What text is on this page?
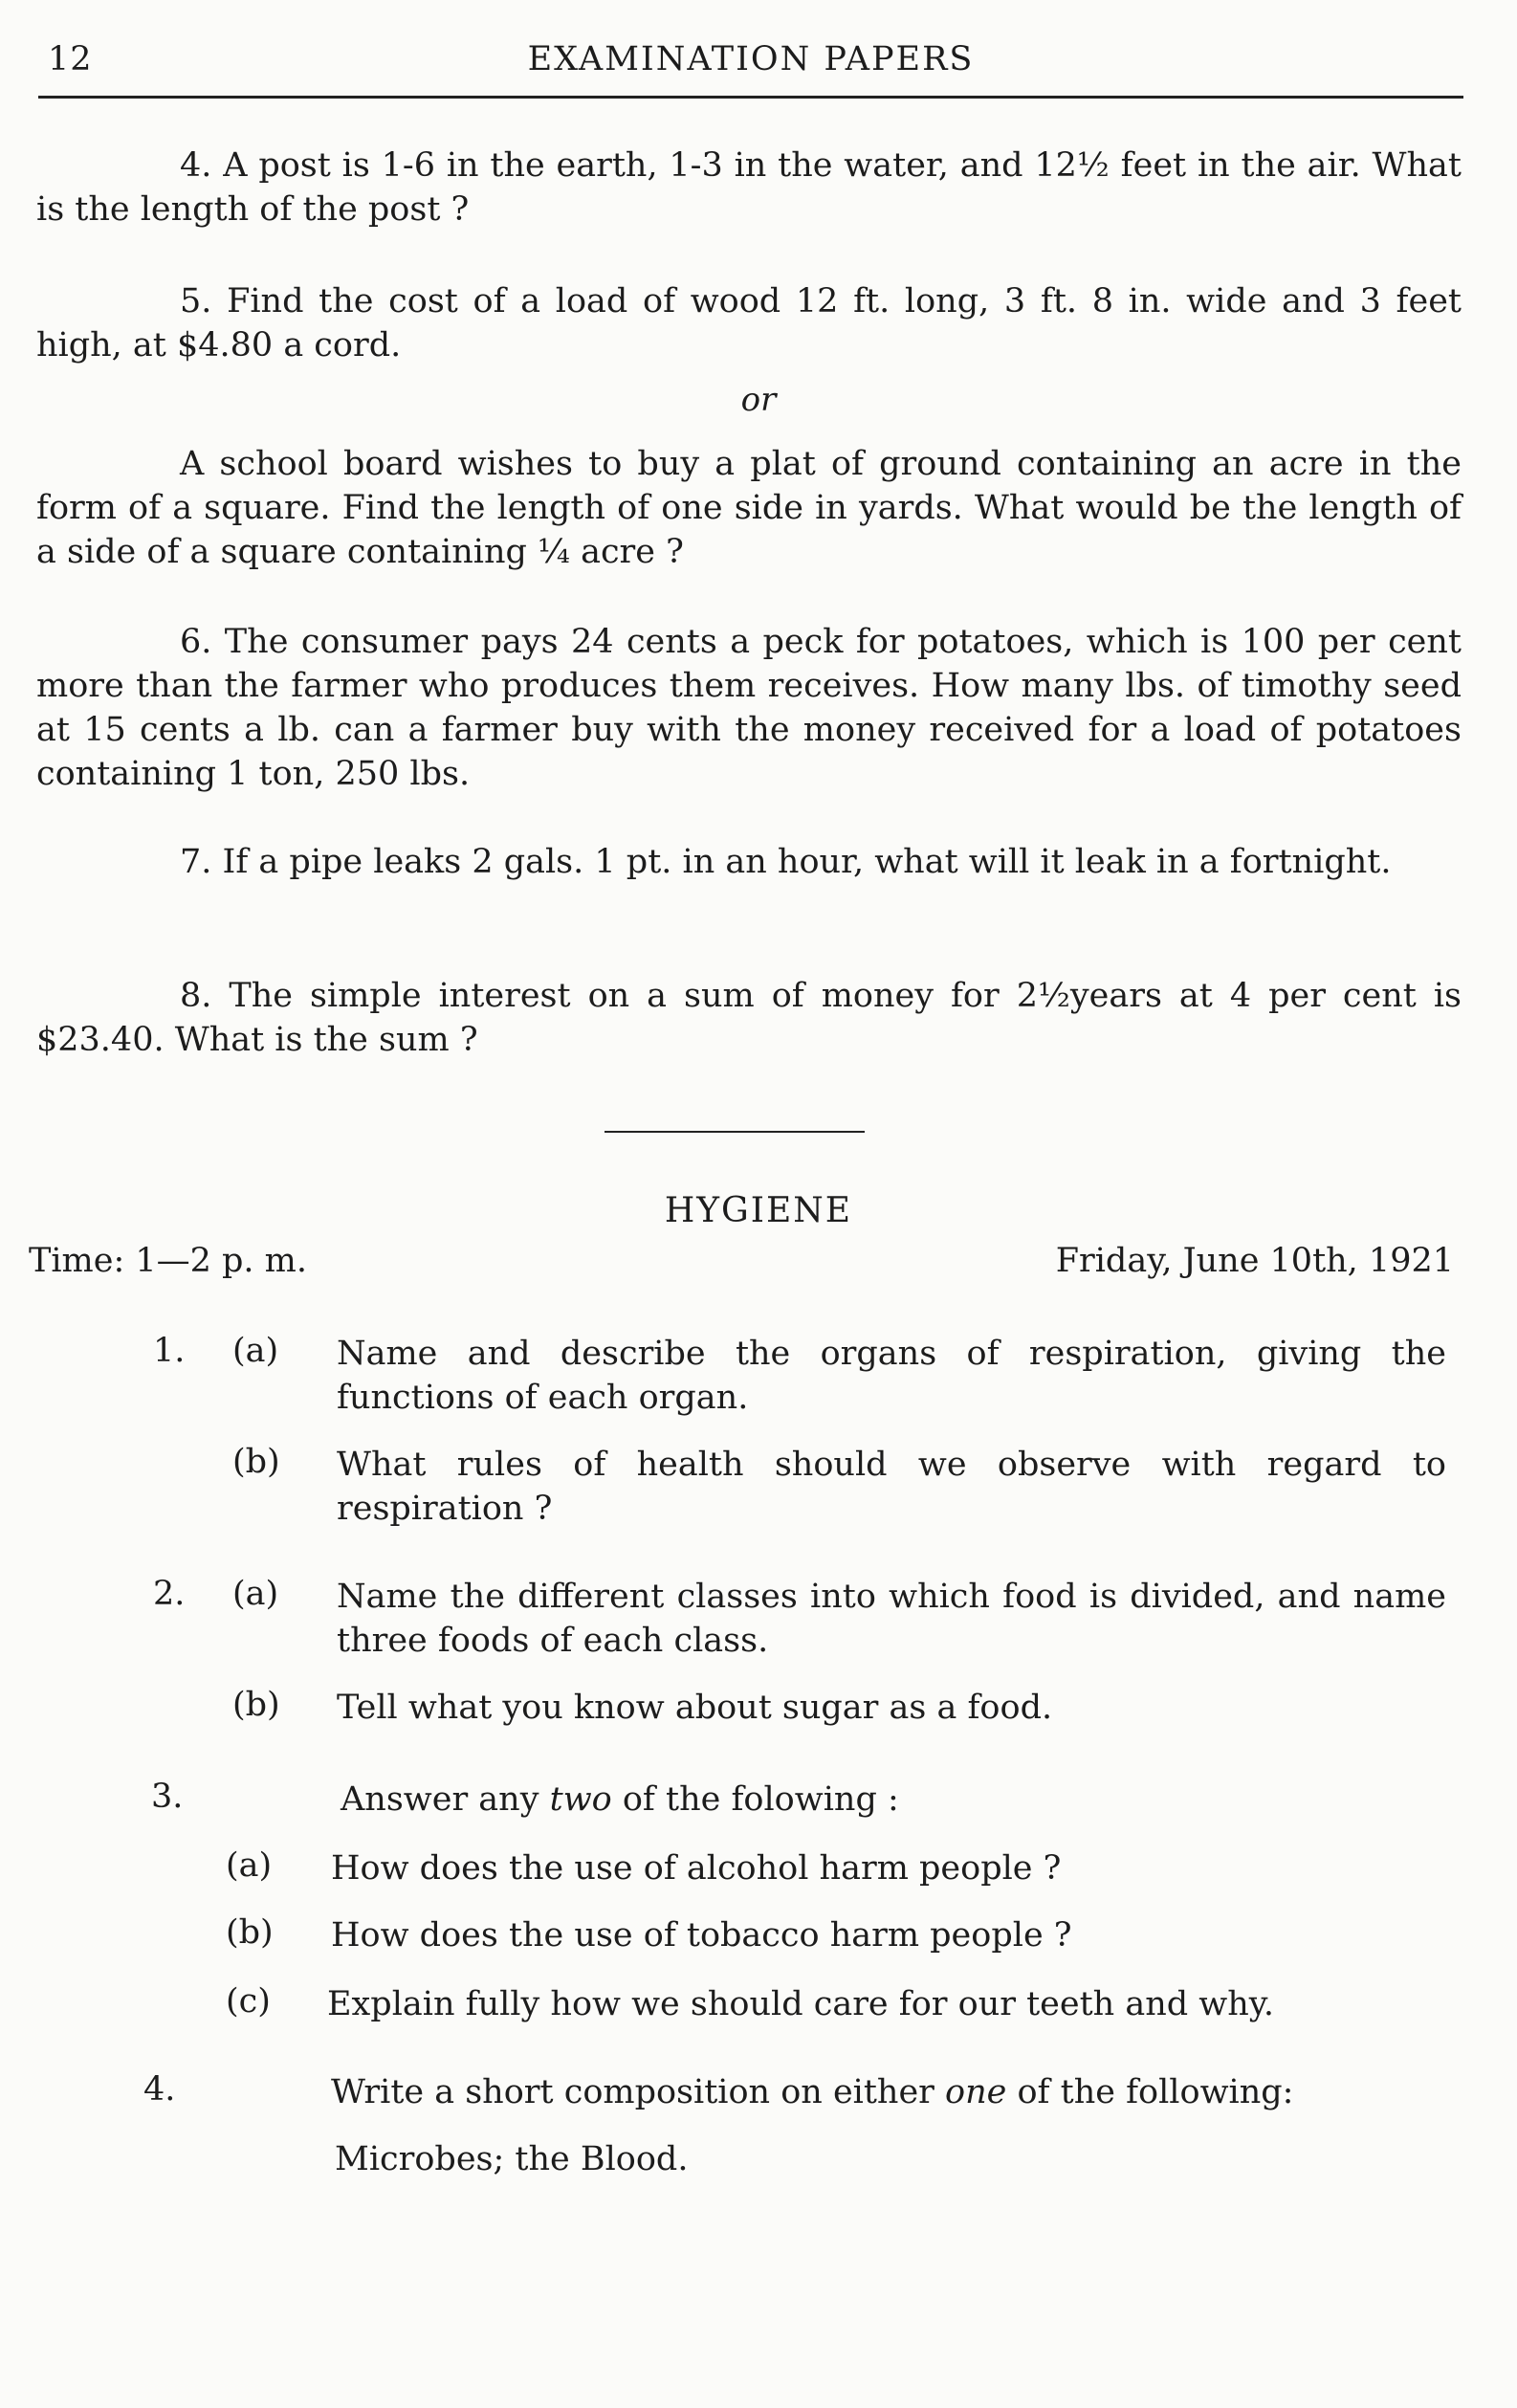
12	EXAMINATION PAPERS
4. A post is 1-6 in the earth, 1-3 in the water, and 12½ feet in the air. What is the length of the post ?
5. Find the cost of a load of wood 12 ft. long, 3 ft. 8 in. wide and 3 feet high, at $4.80 a cord.
or
A school board wishes to buy a plat of ground containing an acre in the form of a square. Find the length of one side in yards. What would be the length of a side of a square containing ¼ acre ?
6. The consumer pays 24 cents a peck for potatoes, which is 100 per cent more than the farmer who produces them receives. How many lbs. of timothy seed at 15 cents a lb. can a farmer buy with the money received for a load of potatoes containing 1 ton, 250 lbs.
7. If a pipe leaks 2 gals. 1 pt. in an hour, what will it leak in a fortnight.
8. The simple interest on a sum of money for 2½years at 4 per cent is $23.40. What is the sum ?
HYGIENE
Time: 1—2 p. m.	Friday, June 10th, 1921
1. (a) Name and describe the organs of respiration, giving the functions of each organ.
(b) What rules of health should we observe with regard to respiration ?
2. (a) Name the different classes into which food is divided, and name three foods of each class.
(b) Tell what you know about sugar as a food.
3.	Answer any two of the folowing :
(a) How does the use of alcohol harm people ?
(b) How does the use of tobacco harm people ?
(c) Explain fully how we should care for our teeth and why.
4.	Write a short composition on either one of the following:
Microbes; the Blood.
